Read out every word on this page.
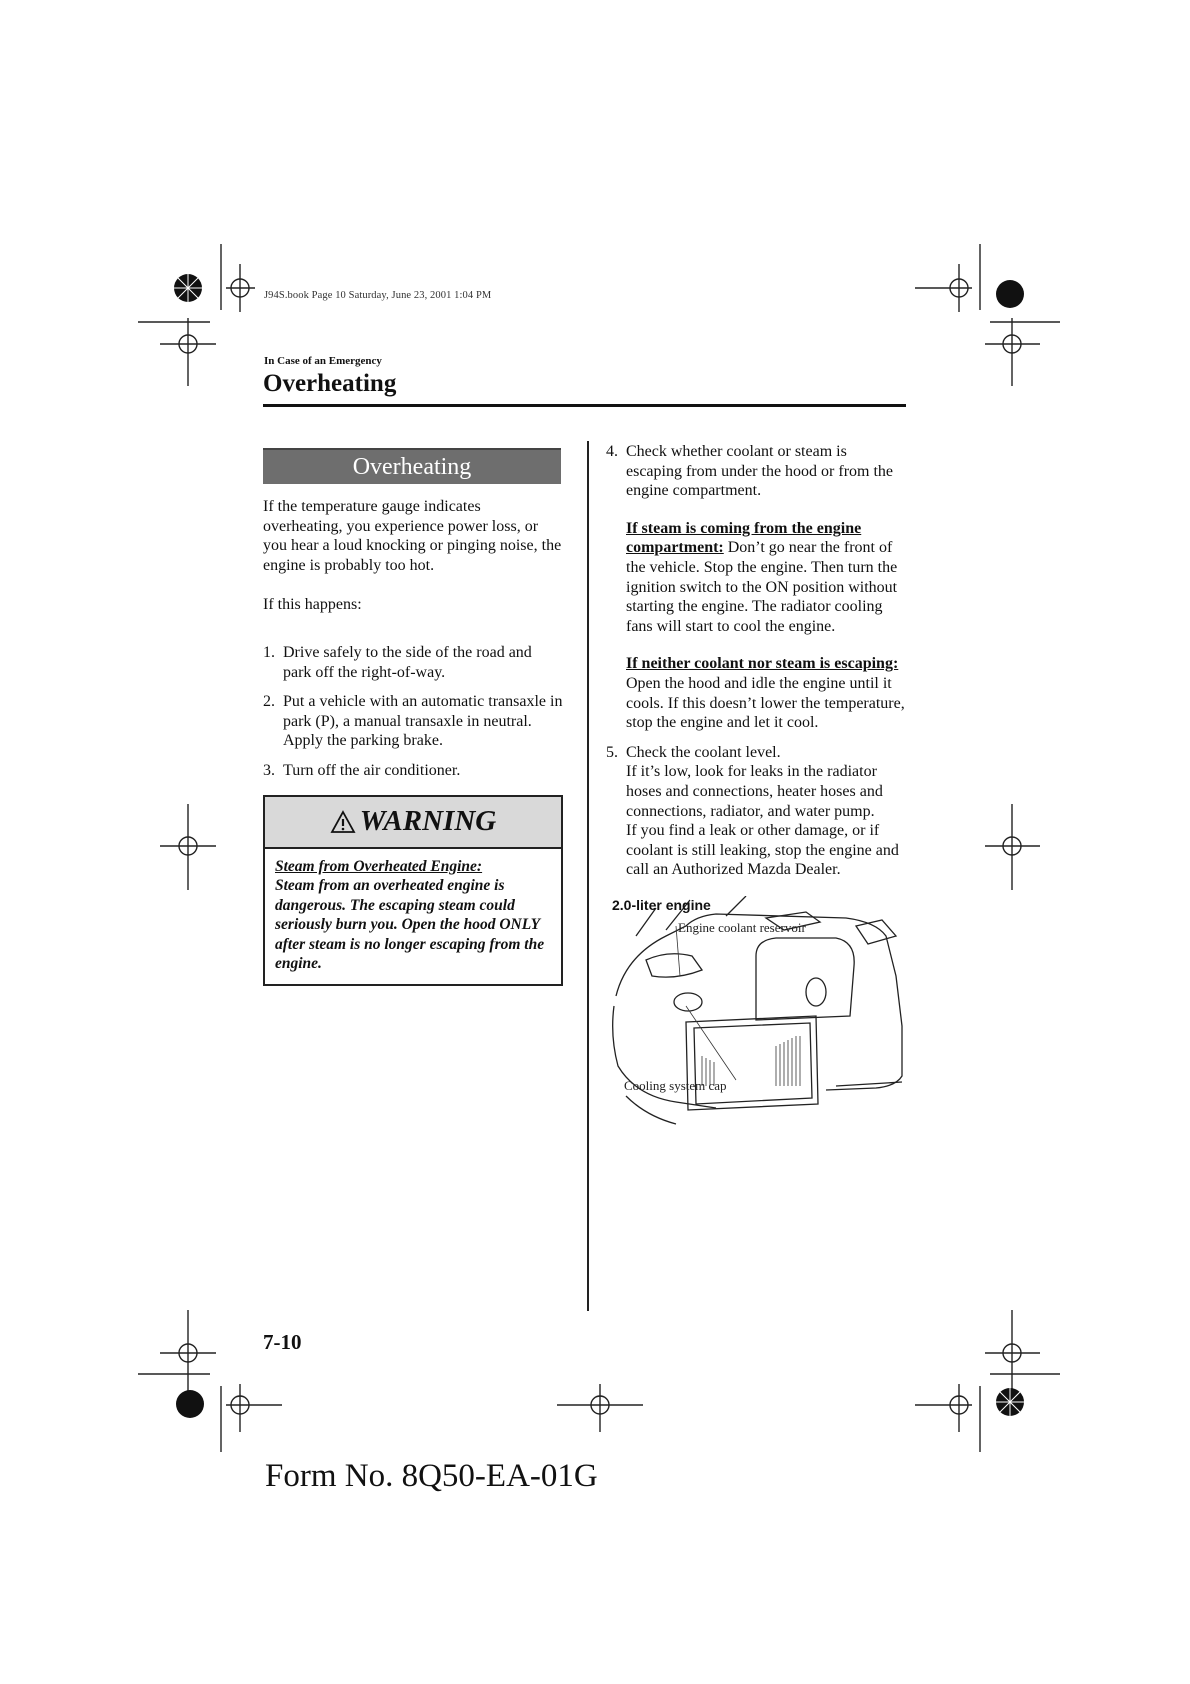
J94S.book Page 10 Saturday, June 23, 2001 1:04 PM
In Case of an Emergency
Overheating
Overheating

If the temperature gauge indicates overheating, you experience power loss, or you hear a loud knocking or pinging noise, the engine is probably too hot.

If this happens:

1. Drive safely to the side of the road and park off the right-of-way.
2. Put a vehicle with an automatic transaxle in park (P), a manual transaxle in neutral.
Apply the parking brake.
3. Turn off the air conditioner.
WARNING
Steam from Overheated Engine:
Steam from an overheated engine is dangerous. The escaping steam could seriously burn you. Open the hood ONLY after steam is no longer escaping from the engine.
4. Check whether coolant or steam is escaping from under the hood or from the engine compartment.
If steam is coming from the engine compartment: Don’t go near the front of the vehicle. Stop the engine. Then turn the ignition switch to the ON position without starting the engine. The radiator cooling fans will start to cool the engine.
If neither coolant nor steam is escaping: Open the hood and idle the engine until it cools. If this doesn’t lower the temperature, stop the engine and let it cool.
5. Check the coolant level.
If it’s low, look for leaks in the radiator hoses and connections, heater hoses and connections, radiator, and water pump.
If you find a leak or other damage, or if coolant is still leaking, stop the engine and call an Authorized Mazda Dealer.
2.0-liter engine
Engine coolant reservoir
Cooling system cap
7-10
Form No. 8Q50-EA-01G
